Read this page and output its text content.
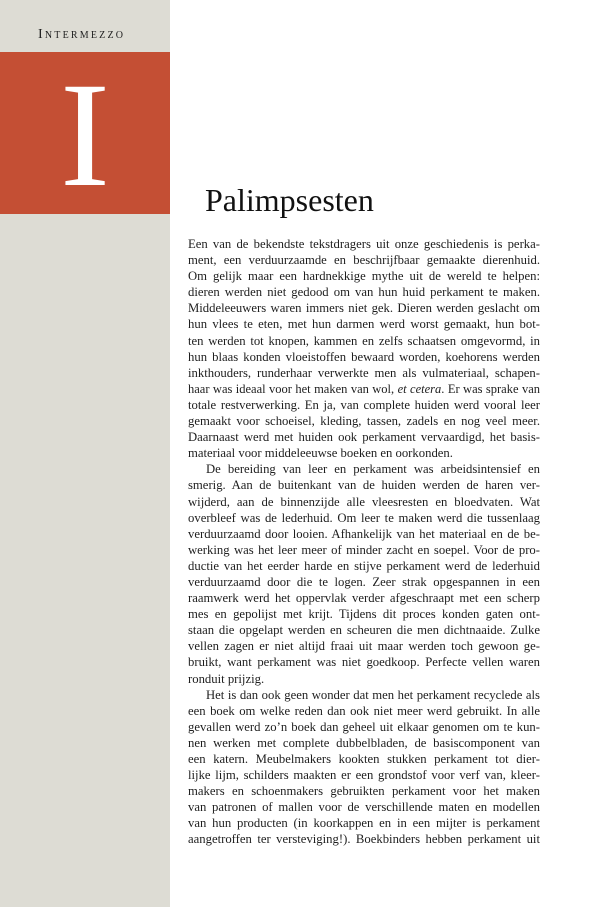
Intermezzo
I	Palimpsesten
Een van de bekendste tekstdragers uit onze geschiedenis is perka-
ment, een verduurzaamde en beschrijfbaar gemaakte dierenhuid.
Om gelijk maar een hardnekkige mythe uit de wereld te helpen:
dieren werden niet gedood om van hun huid perkament te maken.
Middeleeuwers waren immers niet gek. Dieren werden geslacht om
hun vlees te eten, met hun darmen werd worst gemaakt, hun bot-
ten werden tot knopen, kammen en zelfs schaatsen omgevormd, in
hun blaas konden vloeistoffen bewaard worden, koehorens werden
inkthouders, runderhaar verwerkte men als vulmateriaal, schapen-
haar was ideaal voor het maken van wol, et cetera. Er was sprake van
totale restverwerking. En ja, van complete huiden werd vooral leer
gemaakt voor schoeisel, kleding, tassen, zadels en nog veel meer.
Daarnaast werd met huiden ook perkament vervaardigd, het basis-
materiaal voor middeleeuwse boeken en oorkonden.
De bereiding van leer en perkament was arbeidsintensief en
smerig. Aan de buitenkant van de huiden werden de haren ver-
wijderd, aan de binnenzijde alle vleesresten en bloedvaten. Wat
overbleef was de lederhuid. Om leer te maken werd die tussenlaag
verduurzaamd door looien. Afhankelijk van het materiaal en de be-
werking was het leer meer of minder zacht en soepel. Voor de pro-
ductie van het eerder harde en stijve perkament werd de lederhuid
verduurzaamd door die te logen. Zeer strak opgespannen in een
raamwerk werd het oppervlak verder afgeschraapt met een scherp
mes en gepolijst met krijt. Tijdens dit proces konden gaten ont-
staan die opgelapt werden en scheuren die men dichtnaaide. Zulke
vellen zagen er niet altijd fraai uit maar werden toch gewoon ge-
bruikt, want perkament was niet goedkoop. Perfecte vellen waren
ronduit prijzig.
Het is dan ook geen wonder dat men het perkament recyclede als
een boek om welke reden dan ook niet meer werd gebruikt. In alle
gevallen werd zo’n boek dan geheel uit elkaar genomen om te kun-
nen werken met complete dubbelbladen, de basiscomponent van
een katern. Meubelmakers kookten stukken perkament tot dier-
lijke lijm, schilders maakten er een grondstof voor verf van, kleer-
makers en schoenmakers gebruikten perkament voor het maken
van patronen of mallen voor de verschillende maten en modellen
van hun producten (in koorkappen en in een mijter is perkament
aangetroffen ter versteviging!). Boekbinders hebben perkament uit
